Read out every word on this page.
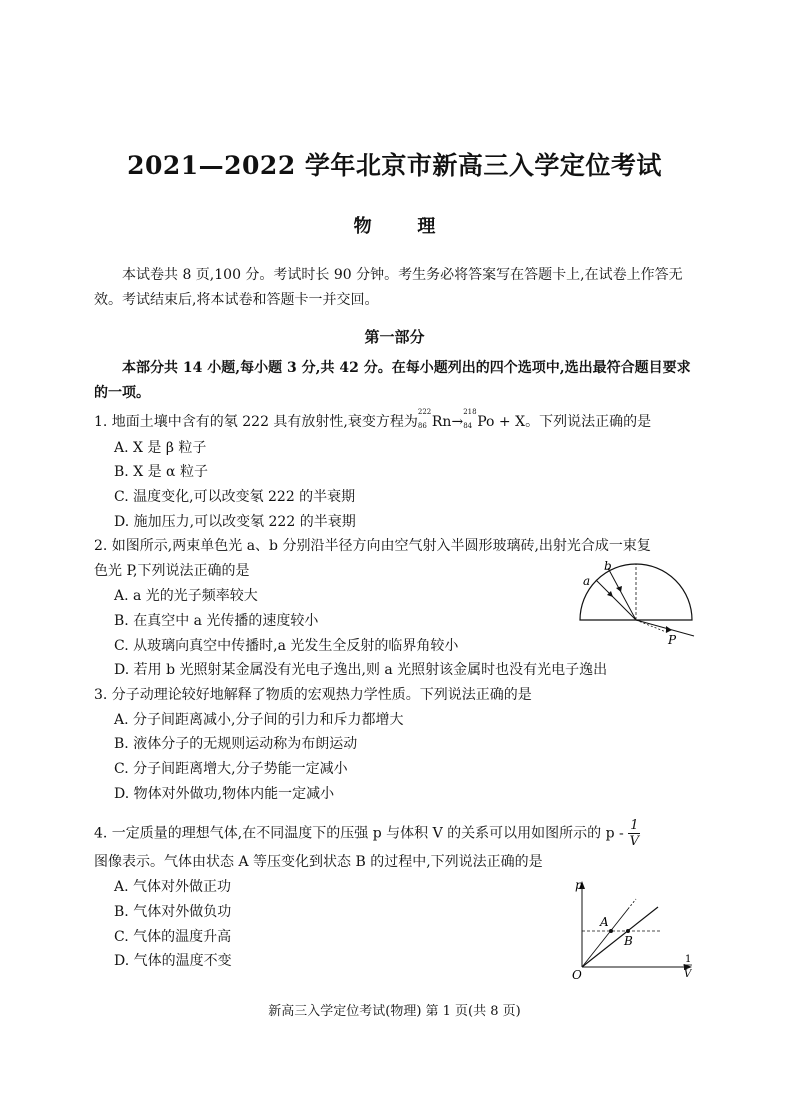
2021—2022 学年北京市新高三入学定位考试
物 理
本试卷共 8 页,100 分。考试时长 90 分钟。考生务必将答案写在答题卡上,在试卷上作答无效。考试结束后,将本试卷和答题卡一并交回。
第一部分
本部分共 14 小题,每小题 3 分,共 42 分。在每小题列出的四个选项中,选出最符合题目要求的一项。
1. 地面土壤中含有的氡 222 具有放射性,衰变方程为
222
86 Rn→
218
84 Po + X。下列说法正确的是
A. X 是 β 粒子
B. X 是 α 粒子
C. 温度变化,可以改变氡 222 的半衰期
D. 施加压力,可以改变氡 222 的半衰期
2. 如图所示,两束单色光 a、b 分别沿半径方向由空气射入半圆形玻璃砖,出射光合成一束复
色光 P,下列说法正确的是
A. a 光的光子频率较大
B. 在真空中 a 光传播的速度较小
C. 从玻璃向真空中传播时,a 光发生全反射的临界角较小
D. 若用 b 光照射某金属没有光电子逸出,则 a 光照射该金属时也没有光电子逸出
a
b
P
3. 分子动理论较好地解释了物质的宏观热力学性质。下列说法正确的是
A. 分子间距离减小,分子间的引力和斥力都增大
B. 液体分子的无规则运动称为布朗运动
C. 分子间距离增大,分子势能一定减小
D. 物体对外做功,物体内能一定减小
4. 一定质量的理想气体,在不同温度下的压强 p 与体积 V 的关系可以用如图所示的 p - $\frac{1}{V}$
图像表示。气体由状态 A 等压变化到状态 B 的过程中,下列说法正确的是
A. 气体对外做正功
B. 气体对外做负功
C. 气体的温度升高
D. 气体的温度不变
p
O
1
V
A
B
新高三入学定位考试(物理) 第 1 页(共 8 页)
